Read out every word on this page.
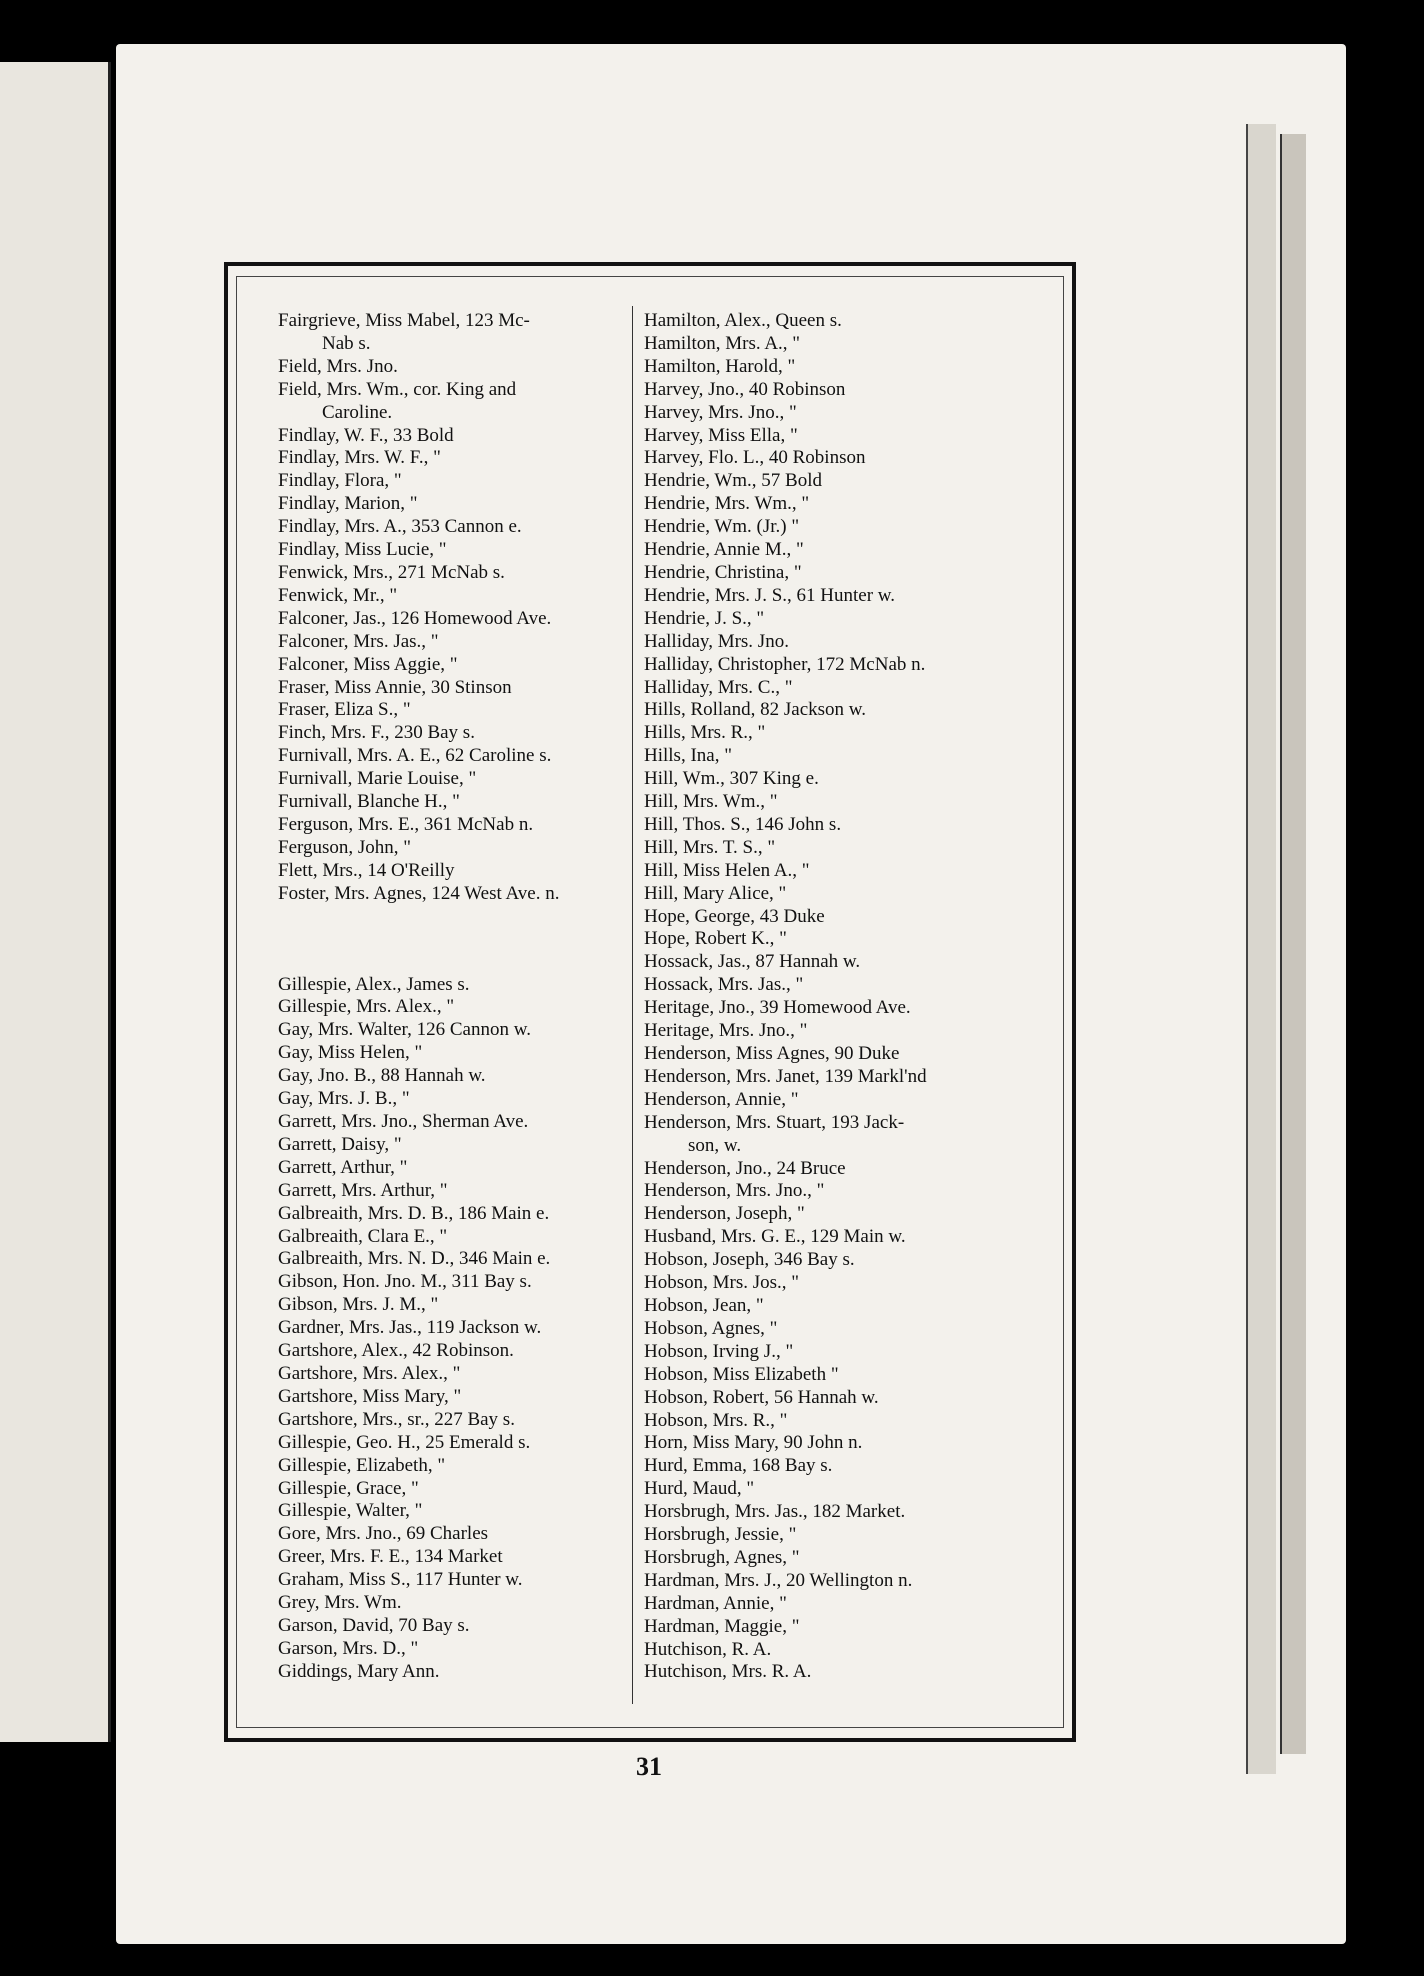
Fairgrieve, Miss Mabel, 123 Mc-
Nab s.
Field, Mrs. Jno.
Field, Mrs. Wm., cor. King and
Caroline.
Findlay, W. F., 33 Bold
Findlay, Mrs. W. F., "
Findlay, Flora, "
Findlay, Marion, "
Findlay, Mrs. A., 353 Cannon e.
Findlay, Miss Lucie, "
Fenwick, Mrs., 271 McNab s.
Fenwick, Mr., "
Falconer, Jas., 126 Homewood Ave.
Falconer, Mrs. Jas., "
Falconer, Miss Aggie, "
Fraser, Miss Annie, 30 Stinson
Fraser, Eliza S., "
Finch, Mrs. F., 230 Bay s.
Furnivall, Mrs. A. E., 62 Caroline s.
Furnivall, Marie Louise, "
Furnivall, Blanche H., "
Ferguson, Mrs. E., 361 McNab n.
Ferguson, John, "
Flett, Mrs., 14 O'Reilly
Foster, Mrs. Agnes, 124 West Ave. n.
Gillespie, Alex., James s.
Gillespie, Mrs. Alex., "
Gay, Mrs. Walter, 126 Cannon w.
Gay, Miss Helen, "
Gay, Jno. B., 88 Hannah w.
Gay, Mrs. J. B., "
Garrett, Mrs. Jno., Sherman Ave.
Garrett, Daisy, "
Garrett, Arthur, "
Garrett, Mrs. Arthur, "
Galbreaith, Mrs. D. B., 186 Main e.
Galbreaith, Clara E., "
Galbreaith, Mrs. N. D., 346 Main e.
Gibson, Hon. Jno. M., 311 Bay s.
Gibson, Mrs. J. M., "
Gardner, Mrs. Jas., 119 Jackson w.
Gartshore, Alex., 42 Robinson.
Gartshore, Mrs. Alex., "
Gartshore, Miss Mary, "
Gartshore, Mrs., sr., 227 Bay s.
Gillespie, Geo. H., 25 Emerald s.
Gillespie, Elizabeth, "
Gillespie, Grace, "
Gillespie, Walter, "
Gore, Mrs. Jno., 69 Charles
Greer, Mrs. F. E., 134 Market
Graham, Miss S., 117 Hunter w.
Grey, Mrs. Wm.
Garson, David, 70 Bay s.
Garson, Mrs. D., "
Giddings, Mary Ann.
Hamilton, Alex., Queen s.
Hamilton, Mrs. A., "
Hamilton, Harold, "
Harvey, Jno., 40 Robinson
Harvey, Mrs. Jno., "
Harvey, Miss Ella, "
Harvey, Flo. L., 40 Robinson
Hendrie, Wm., 57 Bold
Hendrie, Mrs. Wm., "
Hendrie, Wm. (Jr.) "
Hendrie, Annie M., "
Hendrie, Christina, "
Hendrie, Mrs. J. S., 61 Hunter w.
Hendrie, J. S., "
Halliday, Mrs. Jno.
Halliday, Christopher, 172 McNab n.
Halliday, Mrs. C., "
Hills, Rolland, 82 Jackson w.
Hills, Mrs. R., "
Hills, Ina, "
Hill, Wm., 307 King e.
Hill, Mrs. Wm., "
Hill, Thos. S., 146 John s.
Hill, Mrs. T. S., "
Hill, Miss Helen A., "
Hill, Mary Alice, "
Hope, George, 43 Duke
Hope, Robert K., "
Hossack, Jas., 87 Hannah w.
Hossack, Mrs. Jas., "
Heritage, Jno., 39 Homewood Ave.
Heritage, Mrs. Jno., "
Henderson, Miss Agnes, 90 Duke
Henderson, Mrs. Janet, 139 Markl'nd
Henderson, Annie, "
Henderson, Mrs. Stuart, 193 Jack-
son, w.
Henderson, Jno., 24 Bruce
Henderson, Mrs. Jno., "
Henderson, Joseph, "
Husband, Mrs. G. E., 129 Main w.
Hobson, Joseph, 346 Bay s.
Hobson, Mrs. Jos., "
Hobson, Jean, "
Hobson, Agnes, "
Hobson, Irving J., "
Hobson, Miss Elizabeth "
Hobson, Robert, 56 Hannah w.
Hobson, Mrs. R., "
Horn, Miss Mary, 90 John n.
Hurd, Emma, 168 Bay s.
Hurd, Maud, "
Horsbrugh, Mrs. Jas., 182 Market.
Horsbrugh, Jessie, "
Horsbrugh, Agnes, "
Hardman, Mrs. J., 20 Wellington n.
Hardman, Annie, "
Hardman, Maggie, "
Hutchison, R. A.
Hutchison, Mrs. R. A.
31
